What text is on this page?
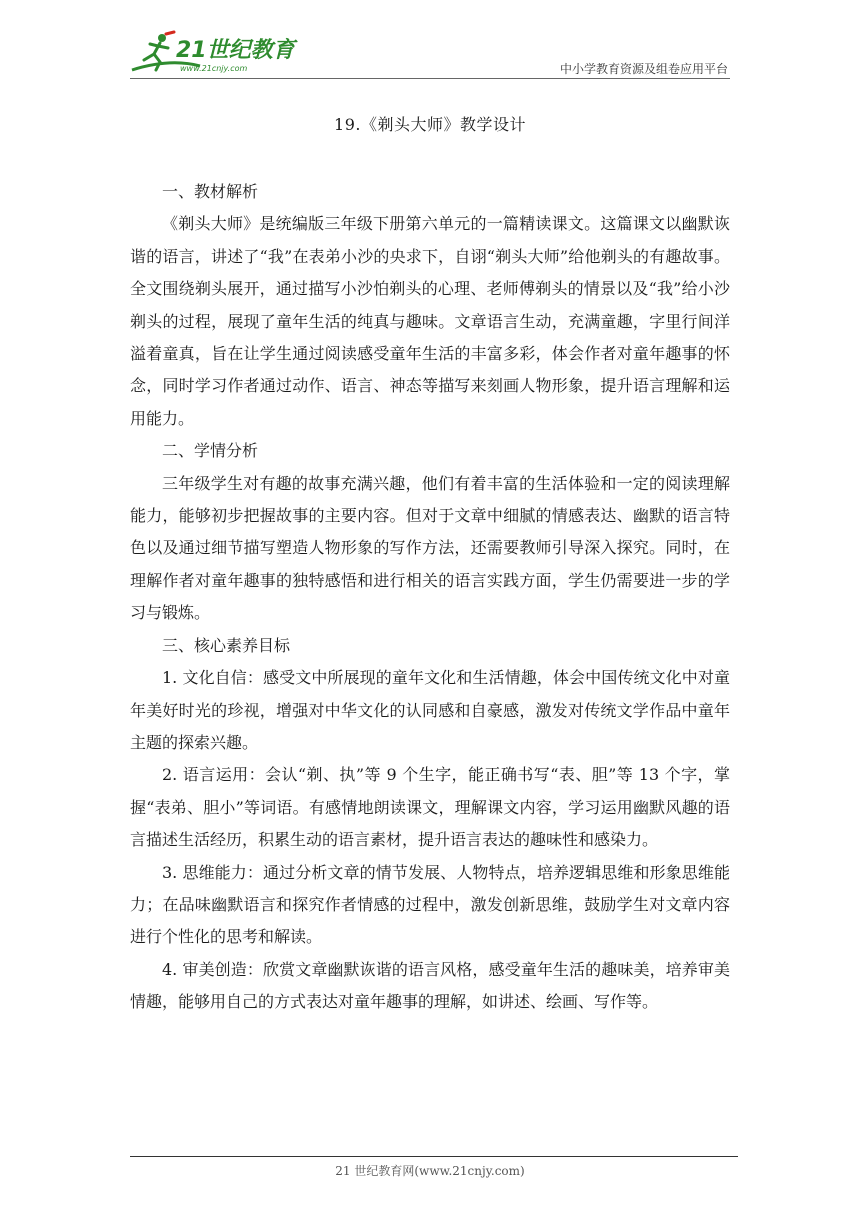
21世纪教育
www.21cnjy.com	中小学教育资源及组卷应用平台
19.《剃头大师》教学设计

一、教材解析

《剃头大师》是统编版三年级下册第六单元的一篇精读课文。这篇课文以幽默诙谐的语言，讲述了“我”在表弟小沙的央求下，自诩“剃头大师”给他剃头的有趣故事。全文围绕剃头展开，通过描写小沙怕剃头的心理、老师傅剃头的情景以及“我”给小沙剃头的过程，展现了童年生活的纯真与趣味。文章语言生动，充满童趣，字里行间洋溢着童真，旨在让学生通过阅读感受童年生活的丰富多彩，体会作者对童年趣事的怀念，同时学习作者通过动作、语言、神态等描写来刻画人物形象，提升语言理解和运用能力。

二、学情分析

三年级学生对有趣的故事充满兴趣，他们有着丰富的生活体验和一定的阅读理解能力，能够初步把握故事的主要内容。但对于文章中细腻的情感表达、幽默的语言特色以及通过细节描写塑造人物形象的写作方法，还需要教师引导深入探究。同时，在理解作者对童年趣事的独特感悟和进行相关的语言实践方面，学生仍需要进一步的学习与锻炼。

三、核心素养目标

1. 文化自信：感受文中所展现的童年文化和生活情趣，体会中国传统文化中对童年美好时光的珍视，增强对中华文化的认同感和自豪感，激发对传统文学作品中童年主题的探索兴趣。

2. 语言运用：会认“剃、执”等 9 个生字，能正确书写“表、胆”等 13 个字，掌握“表弟、胆小”等词语。有感情地朗读课文，理解课文内容，学习运用幽默风趣的语言描述生活经历，积累生动的语言素材，提升语言表达的趣味性和感染力。

3. 思维能力：通过分析文章的情节发展、人物特点，培养逻辑思维和形象思维能力；在品味幽默语言和探究作者情感的过程中，激发创新思维，鼓励学生对文章内容进行个性化的思考和解读。

4. 审美创造：欣赏文章幽默诙谐的语言风格，感受童年生活的趣味美，培养审美情趣，能够用自己的方式表达对童年趣事的理解，如讲述、绘画、写作等。

21 世纪教育网(www.21cnjy.com)
